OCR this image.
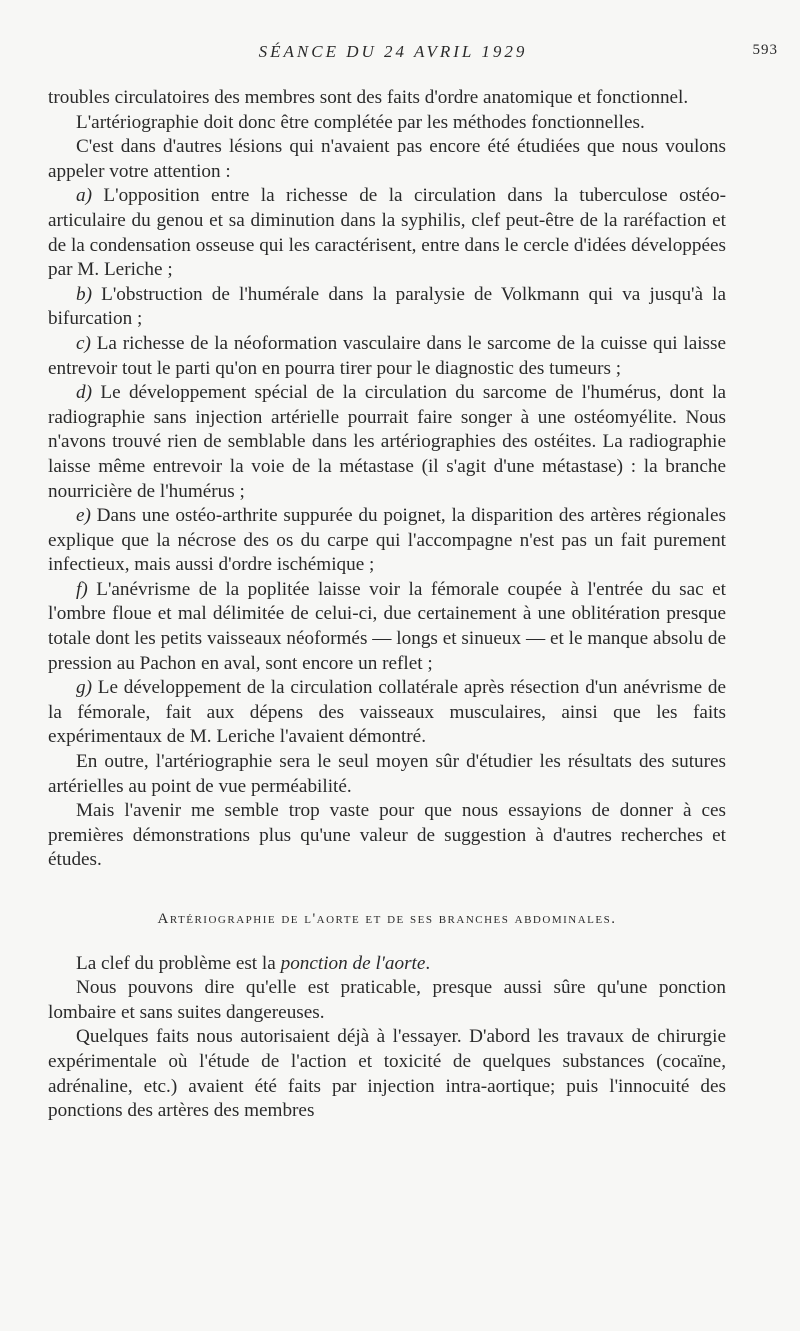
SÉANCE DU 24 AVRIL 1929	593

troubles circulatoires des membres sont des faits d'ordre anatomique et fonctionnel.

L'artériographie doit donc être complétée par les méthodes fonctionnelles.

C'est dans d'autres lésions qui n'avaient pas encore été étudiées que nous voulons appeler votre attention :

a) L'opposition entre la richesse de la circulation dans la tuberculose ostéo-articulaire du genou et sa diminution dans la syphilis, clef peut-être de la raréfaction et de la condensation osseuse qui les caractérisent, entre dans le cercle d'idées développées par M. Leriche ;

b) L'obstruction de l'humérale dans la paralysie de Volkmann qui va jusqu'à la bifurcation ;

c) La richesse de la néoformation vasculaire dans le sarcome de la cuisse qui laisse entrevoir tout le parti qu'on en pourra tirer pour le diagnostic des tumeurs ;

d) Le développement spécial de la circulation du sarcome de l'humérus, dont la radiographie sans injection artérielle pourrait faire songer à une ostéomyélite. Nous n'avons trouvé rien de semblable dans les artériographies des ostéites. La radiographie laisse même entrevoir la voie de la métastase (il s'agit d'une métastase) : la branche nourricière de l'humérus ;

e) Dans une ostéo-arthrite suppurée du poignet, la disparition des artères régionales explique que la nécrose des os du carpe qui l'accompagne n'est pas un fait purement infectieux, mais aussi d'ordre ischémique ;

f) L'anévrisme de la poplitée laisse voir la fémorale coupée à l'entrée du sac et l'ombre floue et mal délimitée de celui-ci, due certainement à une oblitération presque totale dont les petits vaisseaux néoformés — longs et sinueux — et le manque absolu de pression au Pachon en aval, sont encore un reflet ;

g) Le développement de la circulation collatérale après résection d'un anévrisme de la fémorale, fait aux dépens des vaisseaux musculaires, ainsi que les faits expérimentaux de M. Leriche l'avaient démontré.

En outre, l'artériographie sera le seul moyen sûr d'étudier les résultats des sutures artérielles au point de vue perméabilité.

Mais l'avenir me semble trop vaste pour que nous essayions de donner à ces premières démonstrations plus qu'une valeur de suggestion à d'autres recherches et études.

Artériographie de l'aorte et de ses branches abdominales.

La clef du problème est la ponction de l'aorte.

Nous pouvons dire qu'elle est praticable, presque aussi sûre qu'une ponction lombaire et sans suites dangereuses.

Quelques faits nous autorisaient déjà à l'essayer. D'abord les travaux de chirurgie expérimentale où l'étude de l'action et toxicité de quelques substances (cocaïne, adrénaline, etc.) avaient été faits par injection intra-aortique; puis l'innocuité des ponctions des artères des membres
